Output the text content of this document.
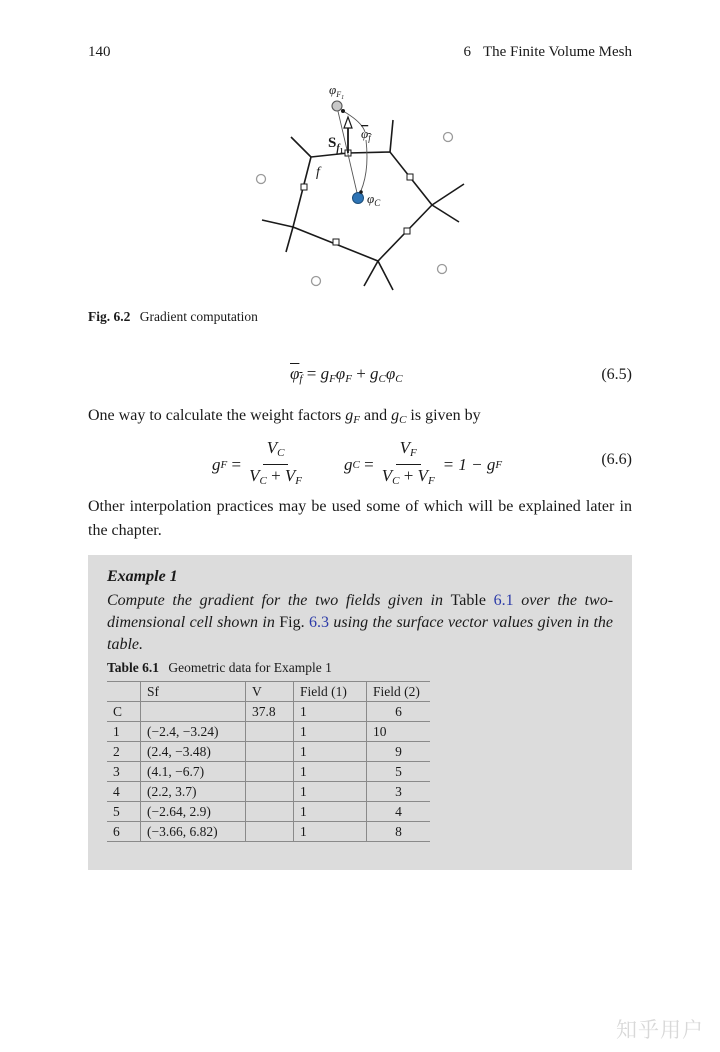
140	6 The Finite Volume Mesh
$\varphi_F1$
$S_f1$
$\varphi_f$
f
$\varphi_C$
Fig. 6.2 Gradient computation
$\varphi_f = g_F\varphi_F + g_C\varphi_C$	(6.5)
One way to calculate the weight factors $g_F$ and $g_C$ is given by
g $F = \frac{V_C}{V_C + V_F}$ g $C = \frac{V_F}{V_C + V_F} = 1 - g$ F	(6.6)
Other interpolation practices may be used some of which will be explained later in the chapter.
Example 1
Compute the gradient for the two fields given in Table 6.1 over the two-dimensional cell shown in Fig. 6.3 using the surface vector values given in the table.
Table 6.1 Geometric data for Example 1
	Sf	V	Field (1)	Field (2)
C		37.8	1	6
1	(−2.4, −3.24)		1	10
2	(2.4, −3.48)		1	9
3	(4.1, −6.7)		1	5
4	(2.2, 3.7)		1	3
5	(−2.64, 2.9)		1	4
6	(−3.66, 6.82)		1	8
知乎用户
